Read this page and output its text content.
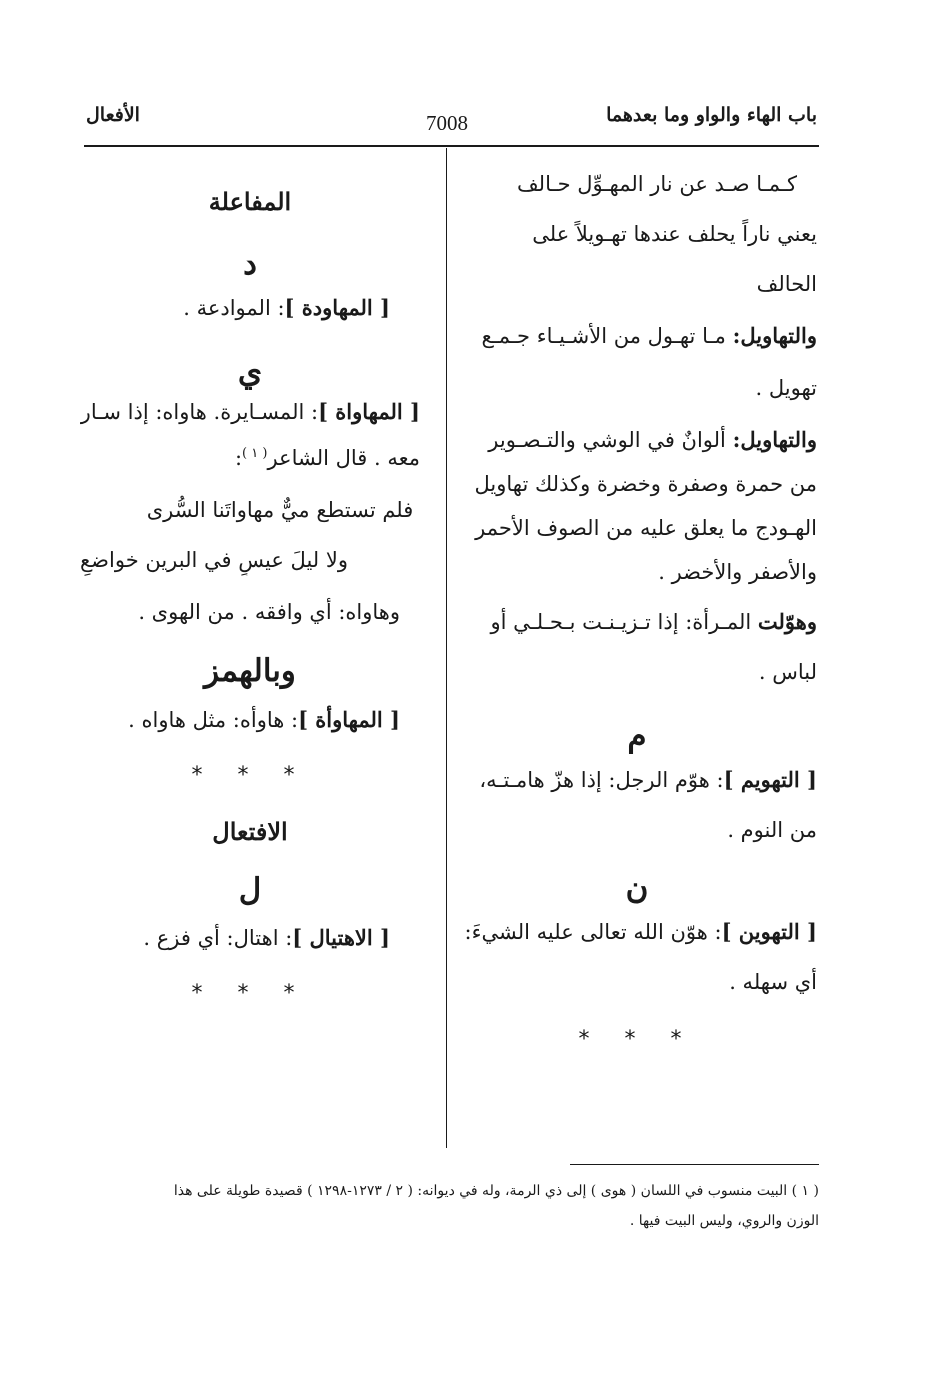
باب الهاء والواو وما بعدهما
7008
الأفعال

كـمـا صـد عن نار المهـوِّل حـالف

يعني ناراً يحلف عندها تهـويلاً على

الحالف

والتهاويل: مـا تهـول من الأشـيـاء جـمـع

تهويل .

والتهاويل: ألوانٌ في الوشي والتـصـوير

من حمرة وصفرة وخضرة وكذلك تهاويل

الهـودج ما يعلق عليه من الصوف الأحمر

والأصفر والأخضر .

وهوّلت المـرأة: إذا تـزيـنـت بـحـلـي أو

لباس .

م

[ التهويم ]: هوّم الرجل: إذا هزّ هامـتـه،

من النوم .

ن

[ التهوين ]: هوّن الله تعالى عليه الشيءَ:

أي سهله .

* * *

المفاعلة

د

[ المهاودة ]: الموادعة .

ي

[ المهاواة ]: المسـايرة. هاواه: إذا سـار

معه . قال الشاعر$^{( ١ )}$:

فلم تستطع ميٌّ مهاواتَنا السُّرى

ولا ليلَ عيسٍ في البرين خواضعِ

وهاواه: أي وافقه . من الهوى .

وبالهمز

[ المهاوأة ]: هاوأه: مثل هاواه .

* * *

الافتعال

ل

[ الاهتيال ]: اهتال: أي فزع .

* * *

( ١ ) البيت منسوب في اللسان ( هوى ) إلى ذي الرمة، وله في ديوانه: ( ٢ / ١٢٧٣-١٢٩٨ ) قصيدة طويلة على هذا

الوزن والروي، وليس البيت فيها .
